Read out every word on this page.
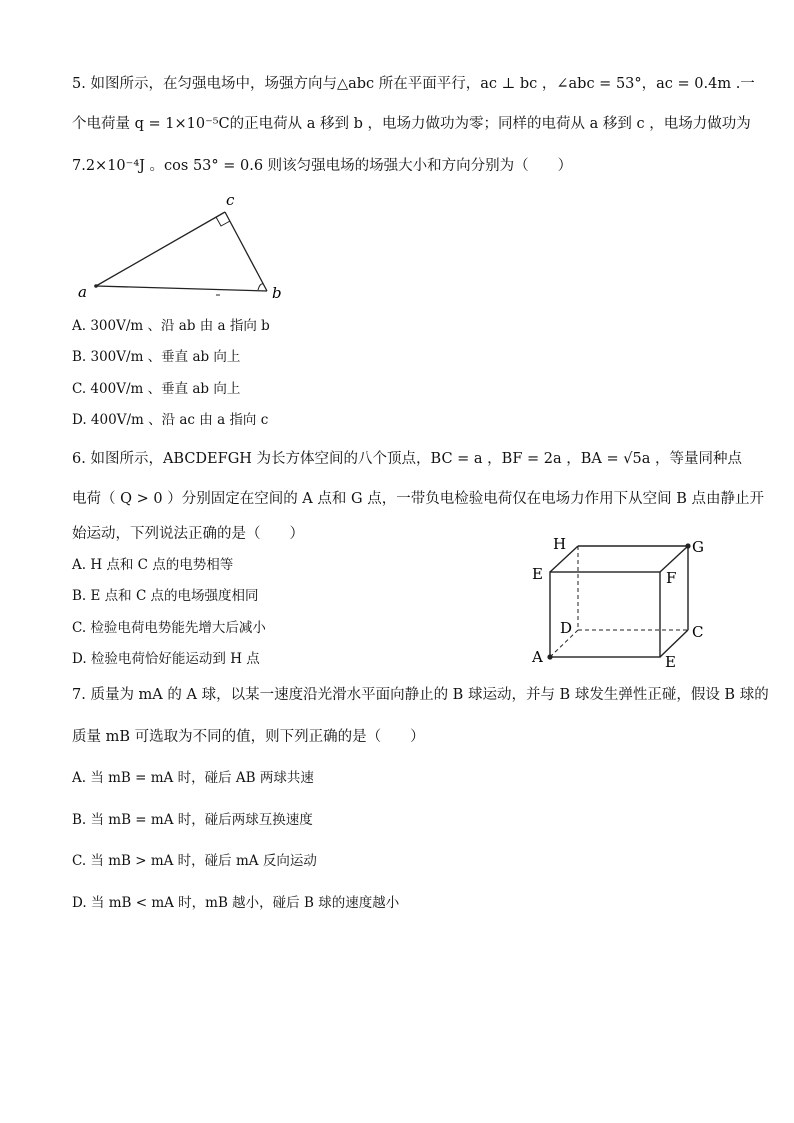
5. 如图所示，在匀强电场中，场强方向与△abc 所在平面平行，ac ⊥ bc ，∠abc = 53°，ac = 0.4m .一
个电荷量 q = 1×10⁻⁵C的正电荷从 a 移到 b ，电场力做功为零；同样的电荷从 a 移到 c ，电场力做功为
7.2×10⁻⁴J 。cos 53° = 0.6 则该匀强电场的场强大小和方向分别为（　　）
c
a	b
A. 300V/m 、沿 ab 由 a 指向 b
B. 300V/m 、垂直 ab 向上
C. 400V/m 、垂直 ab 向上
D. 400V/m 、沿 ac 由 a 指向 c
6. 如图所示，ABCDEFGH 为长方体空间的八个顶点，BC = a ，BF = 2a ，BA = √5a ，等量同种点
电荷（ Q > 0 ）分别固定在空间的 A 点和 G 点，一带负电检验电荷仅在电场力作用下从空间 B 点由静止开
始运动，下列说法正确的是（　　）
A. H 点和 C 点的电势相等
B. E 点和 C 点的电场强度相同
C. 检验电荷电势能先增大后减小
D. 检验电荷恰好能运动到 H 点
H	G
E	F
D	C
A	E
7. 质量为 mA 的 A 球，以某一速度沿光滑水平面向静止的 B 球运动，并与 B 球发生弹性正碰，假设 B 球的
质量 mB 可选取为不同的值，则下列正确的是（　　）
A. 当 mB = mA 时，碰后 AB 两球共速
B. 当 mB = mA 时，碰后两球互换速度
C. 当 mB > mA 时，碰后 mA 反向运动
D. 当 mB < mA 时，mB 越小，碰后 B 球的速度越小
